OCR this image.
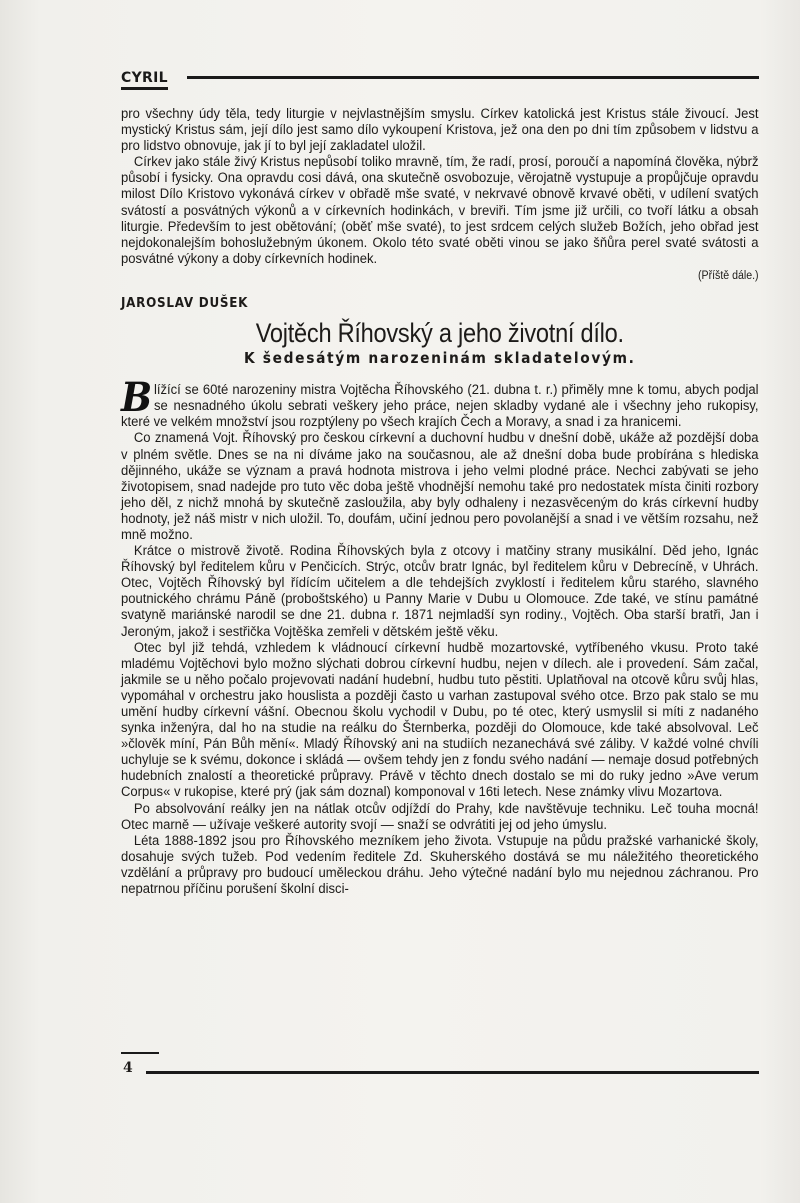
CYRIL

pro všechny údy těla, tedy liturgie v nejvlastnějším smyslu. Církev katolická jest Kristus stále živoucí. Jest mystický Kristus sám, její dílo jest samo dílo vykoupení Kristova, jež ona den po dni tím způsobem v lidstvu a pro lidstvo obnovuje, jak jí to byl její zakladatel uložil.

Církev jako stále živý Kristus nepůsobí toliko mravně, tím, že radí, prosí, poroučí a napomíná člověka, nýbrž působí i fysicky. Ona opravdu cosi dává, ona skutečně osvobozuje, věrojatně vystupuje a propůjčuje opravdu milost Dílo Kristovo vykonává církev v obřadě mše svaté, v nekrvavé obnově krvavé oběti, v udílení svatých svátostí a posvátných výkonů a v církevních hodinkách, v breviři. Tím jsme již určili, co tvoří látku a obsah liturgie. Především to jest obětování; (oběť mše svaté), to jest srdcem celých služeb Božích, jeho obřad jest nejdokonalejším bohoslužebným úkonem. Okolo této svaté oběti vinou se jako šňůra perel svaté svátosti a posvátné výkony a doby církevních hodinek.

(Příště dále.)

JAROSLAV DUŠEK
Vojtěch Říhovský a jeho životní dílo.
K šedesátým narozeninám skladatelovým.

Blížící se 60té narozeniny mistra Vojtěcha Říhovského (21. dubna t. r.) přiměly mne k tomu, abych podjal se nesnadného úkolu sebrati veškery jeho práce, nejen skladby vydané ale i všechny jeho rukopisy, které ve velkém množství jsou rozptýleny po všech krajích Čech a Moravy, a snad i za hranicemi.

Co znamená Vojt. Říhovský pro českou církevní a duchovní hudbu v dnešní době, ukáže až pozdější doba v plném světle. Dnes se na ni díváme jako na současnou, ale až dnešní doba bude probírána s hlediska dějinného, ukáže se význam a pravá hodnota mistrova i jeho velmi plodné práce. Nechci zabývati se jeho životopisem, snad nadejde pro tuto věc doba ještě vhodnější nemohu také pro nedostatek místa činiti rozbory jeho děl, z nichž mnohá by skutečně zasloužila, aby byly odhaleny i nezasvěceným do krás církevní hudby hodnoty, jež náš mistr v nich uložil. To, doufám, učiní jednou pero povolanější a snad i ve větším rozsahu, než mně možno.

Krátce o mistrově životě. Rodina Říhovských byla z otcovy i matčiny strany musikální. Děd jeho, Ignác Říhovský byl ředitelem kůru v Penčicích. Strýc, otcův bratr Ignác, byl ředitelem kůru v Debrecíně, v Uhrách. Otec, Vojtěch Říhovský byl řídícím učitelem a dle tehdejších zvyklostí i ředitelem kůru starého, slavného poutnického chrámu Páně (proboštského) u Panny Marie v Dubu u Olomouce. Zde také, ve stínu památné svatyně mariánské narodil se dne 21. dubna r. 1871 nejmladší syn rodiny., Vojtěch. Oba starší bratři, Jan i Jeroným, jakož i sestřička Vojtěška zemřeli v dětském ještě věku.

Otec byl již tehdá, vzhledem k vládnoucí církevní hudbě mozartovské, vytříbeného vkusu. Proto také mladému Vojtěchovi bylo možno slýchati dobrou církevní hudbu, nejen v dílech. ale i provedení. Sám začal, jakmile se u něho počalo projevovati nadání hudební, hudbu tuto pěstiti. Uplatňoval na otcově kůru svůj hlas, vypomáhal v orchestru jako houslista a později často u varhan zastupoval svého otce. Brzo pak stalo se mu umění hudby církevní vášní. Obecnou školu vychodil v Dubu, po té otec, který usmyslil si míti z nadaného synka inženýra, dal ho na studie na reálku do Šternberka, později do Olomouce, kde také absolvoval. Leč »člověk míní, Pán Bůh mění«. Mladý Říhovský ani na studiích nezanechává své záliby. V každé volné chvíli uchyluje se k svému, dokonce i skládá — ovšem tehdy jen z fondu svého nadání — nemaje dosud potřebných hudebních znalostí a theoretické průpravy. Právě v těchto dnech dostalo se mi do ruky jedno »Ave verum Corpus« v rukopise, které prý (jak sám doznal) komponoval v 16ti letech. Nese známky vlivu Mozartova.

Po absolvování reálky jen na nátlak otcův odjíždí do Prahy, kde navštěvuje techniku. Leč touha mocná! Otec marně — užívaje veškeré autority svojí — snaží se odvrátiti jej od jeho úmyslu.

Léta 1888-1892 jsou pro Říhovského mezníkem jeho života. Vstupuje na půdu pražské varhanické školy, dosahuje svých tužeb. Pod vedením ředitele Zd. Skuherského dostává se mu náležitého theoretického vzdělání a průpravy pro budoucí uměleckou dráhu. Jeho výtečné nadání bylo mu nejednou záchranou. Pro nepatrnou příčinu porušení školní disci-

4
